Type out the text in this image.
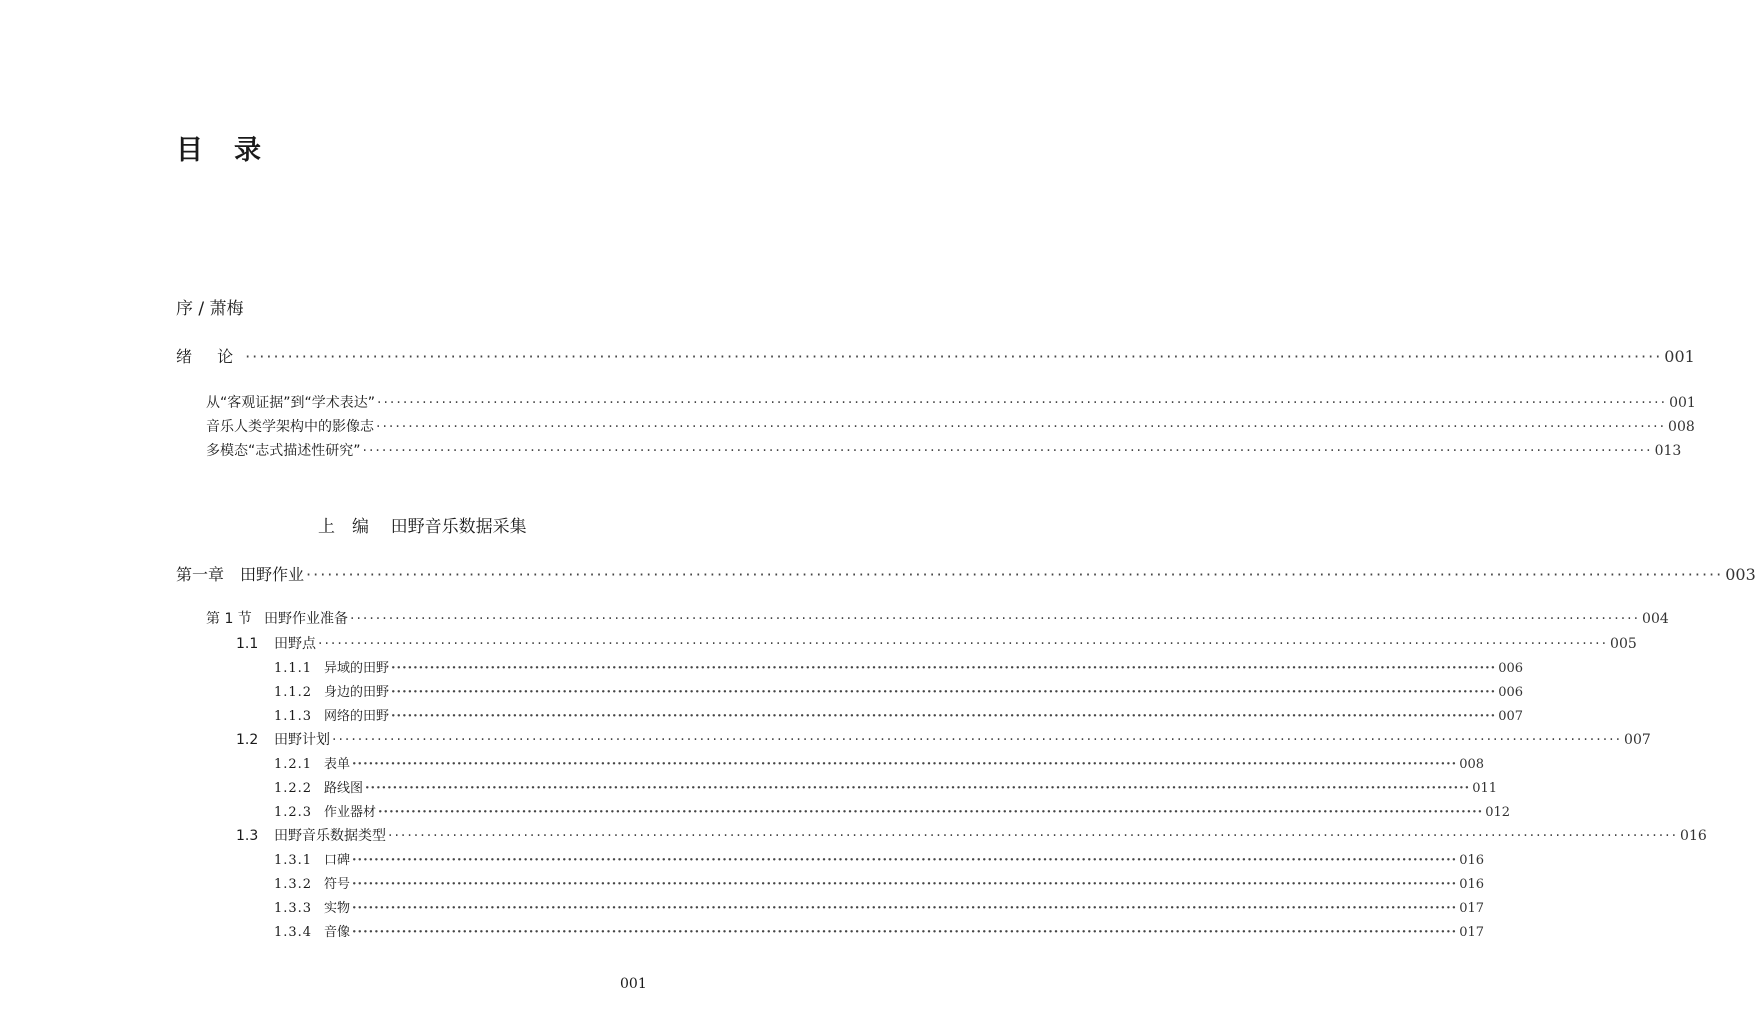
目　录
序 / 萧梅
绪 论 ········································································································································································································ 001
从“客观证据”到“学术表达” ········································································································································································································ 001
音乐人类学架构中的影像志 ········································································································································································································ 008
多模态“志式描述性研究” ········································································································································································································ 013
上　编 田野音乐数据采集
第一章 田野作业 ········································································································································································································ 003
第 1 节 田野作业准备 ········································································································································································································ 004
1.1 田野点 ········································································································································································································ 005
1.1.1 异域的田野 ········································································································································································································ 006
1.1.2 身边的田野 ········································································································································································································ 006
1.1.3 网络的田野 ········································································································································································································ 007
1.2 田野计划 ········································································································································································································ 007
1.2.1 表单 ········································································································································································································ 008
1.2.2 路线图 ········································································································································································································ 011
1.2.3 作业器材 ········································································································································································································ 012
1.3 田野音乐数据类型 ········································································································································································································ 016
1.3.1 口碑 ········································································································································································································ 016
1.3.2 符号 ········································································································································································································ 016
1.3.3 实物 ········································································································································································································ 017
1.3.4 音像 ········································································································································································································ 017
001
